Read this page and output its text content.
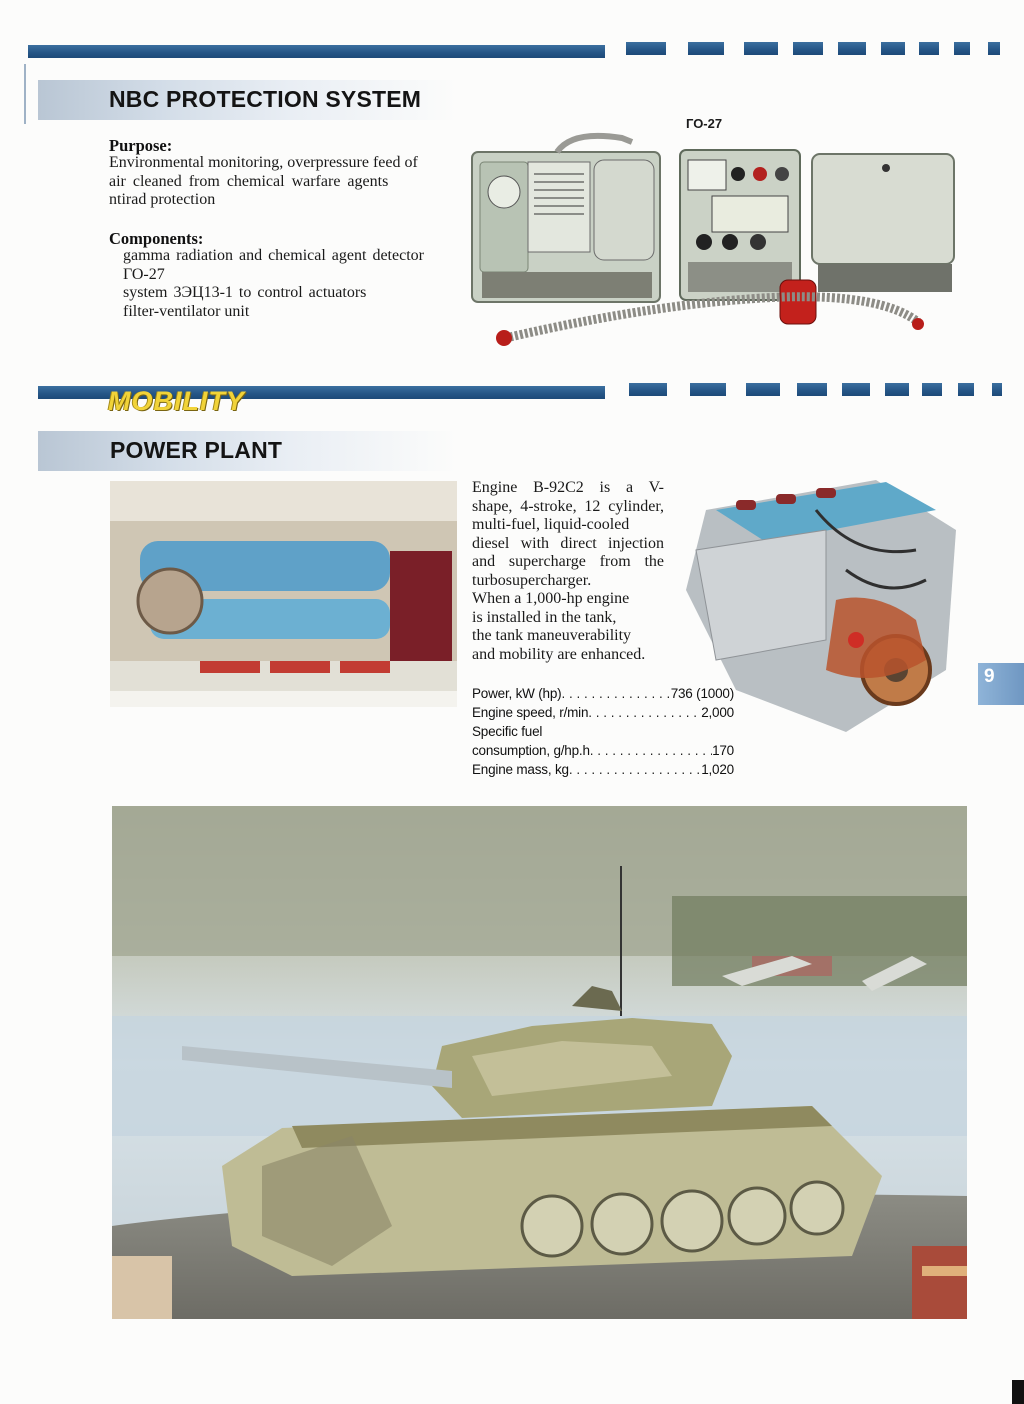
NBC PROTECTION SYSTEM
Purpose:
Environmental monitoring, overpressure feed of
air cleaned from chemical warfare agents
ntirad protection
Components:
gamma radiation and chemical agent detector
ГО-27
system 3ЭЦ13-1 to control actuators
filter-ventilator unit
ГО-27
MOBILITY
POWER PLANT
Engine B-92C2 is a V-
shape, 4-stroke, 12 cylinder,
multi-fuel, liquid-cooled
diesel with direct injection
and supercharge from the
turbosupercharger.
When a 1,000-hp engine
is installed in the tank,
the tank maneuverability
and mobility are enhanced.
Power, kW (hp) . . .	736 (1000)
Engine speed, r/min . . .	2,000
Specific fuel
consumption, g/hp.h . . .	170
Engine mass, kg . . .	1,020
9
